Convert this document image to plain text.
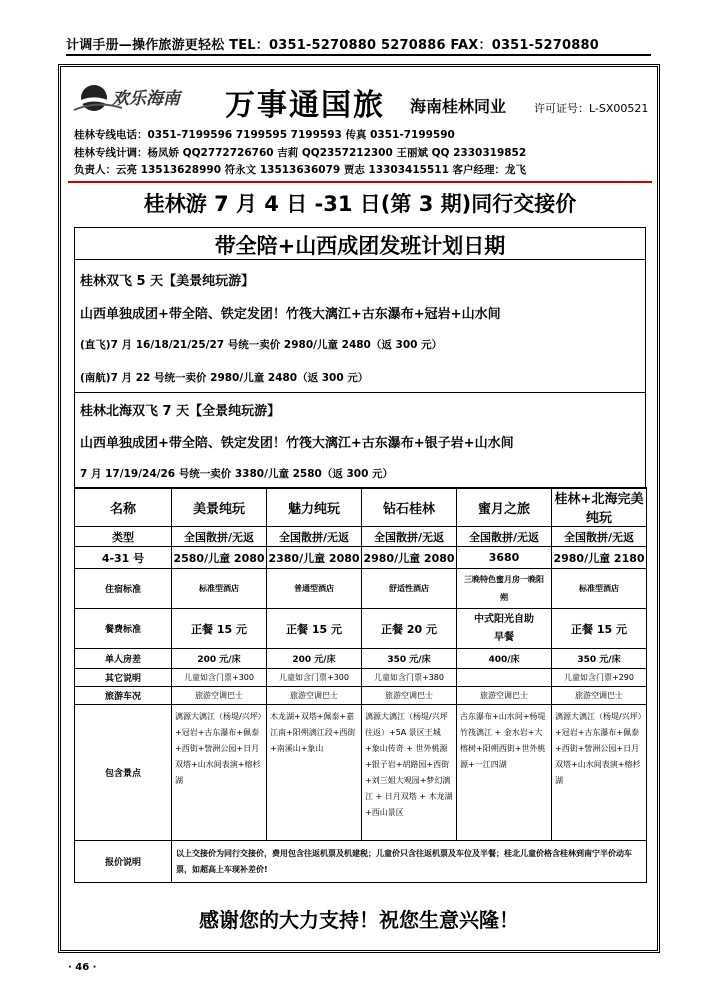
计调手册—操作旅游更轻松 TEL：0351-5270880 5270886 FAX：0351-5270880
欢乐海南 万事通国旅 海南桂林同业	许可证号：L-SX00521
桂林专线电话：0351-7199596 7199595 7199593 传真 0351-7199590
桂林专线计调：杨凤娇 QQ2772726760 吉莉 QQ2357212300 王丽斌 QQ 2330319852
负责人：云亮 13513628990 符永文 13513636079 贾志 13303415511 客户经理：龙飞
桂林游 7 月 4 日 -31 日(第 3 期)同行交接价
带全陪+山西成团发班计划日期
桂林双飞 5 天【美景纯玩游】
山西单独成团+带全陪、铁定发团！竹筏大漓江+古东瀑布+冠岩+山水间
(直飞)7 月 16/18/21/25/27 号统一卖价 2980/儿童 2480（返 300 元）
(南航)7 月 22 号统一卖价 2980/儿童 2480（返 300 元）
桂林北海双飞 7 天【全景纯玩游】
山西单独成团+带全陪、铁定发团！竹筏大漓江+古东瀑布+银子岩+山水间
7 月 17/19/24/26 号统一卖价 3380/儿童 2580（返 300 元）
名称	美景纯玩	魅力纯玩	钻石桂林	蜜月之旅	桂林+北海完美纯玩
类型	全国散拼/无返	全国散拼/无返	全国散拼/无返	全国散拼/无返	全国散拼/无返
4-31 号	2580/儿童 2080	2380/儿童 2080	2980/儿童 2080	3680	2980/儿童 2180
住宿标准	标准型酒店	普通型酒店	舒适性酒店	三晚特色蜜月房一晚阳朔	标准型酒店
餐费标准	正餐 15 元	正餐 15 元	正餐 20 元	中式阳光自助早餐	正餐 15 元
单人房差	200 元/床	200 元/床	350 元/床	400/床	350 元/床
其它说明	儿童如含门票+300	儿童如含门票+300	儿童如含门票+380		儿童如含门票+290
旅游车况	旅游空调巴士	旅游空调巴士	旅游空调巴士	旅游空调巴士	旅游空调巴士
包含景点	漓源大漓江（杨堤/兴坪）+冠岩+古东瀑布+佩泰+西街+訾洲公园+日月双塔+山水间表演+榕杉湖	木龙湖+双塔+佩泰+嘉江南+阳朔漓江段+西街+南溪山+象山	漓源大漓江（杨堤/兴坪往返）+5A 景区王城+象山传奇 + 世外桃源+银子岩+胡路园+西街+刘三姐大观园+梦幻漓江 + 日月双塔 + 木龙湖+西山景区	古东瀑布+山水间+杨堤竹筏漓江 + 金水岩+大榕树+阳朔西街+世外桃源+一江四湖	漓源大漓江（杨堤/兴坪）+冠岩+古东瀑布+佩泰+西街+訾洲公园+日月双塔+山水间表演+榕杉湖
报价说明	以上交接价为同行交接价，费用包含往返机票及机建税；儿童价只含往返机票及车位及半餐；桂北儿童价格含桂林到南宁半价动车票，如超高上车现补差价!				
感谢您的大力支持！祝您生意兴隆！
· 46 ·
